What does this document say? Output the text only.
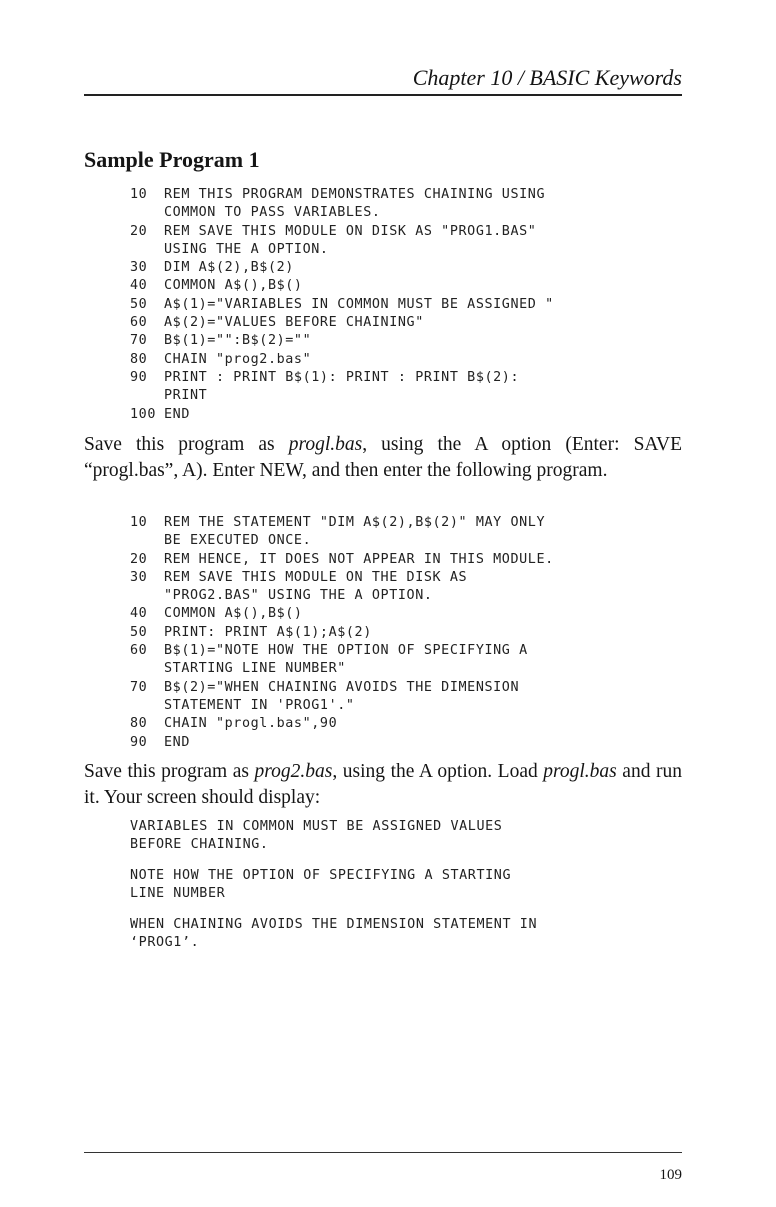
Chapter 10 / BASIC Keywords
Sample Program 1
10 REM THIS PROGRAM DEMONSTRATES CHAINING USING
COMMON TO PASS VARIABLES.
20 REM SAVE THIS MODULE ON DISK AS "PROG1.BAS"
USING THE A OPTION.
30 DIM A$(2),B$(2)
40 COMMON A$(),B$()
50 A$(1)="VARIABLES IN COMMON MUST BE ASSIGNED "
60 A$(2)="VALUES BEFORE CHAINING"
70 B$(1)="":B$(2)=""
80 CHAIN "prog2.bas"
90 PRINT : PRINT B$(1): PRINT : PRINT B$(2):
PRINT
100 END

Save this program as progl.bas, using the A option (Enter: SAVE “progl.bas”, A). Enter NEW, and then enter the following program.

10 REM THE STATEMENT "DIM A$(2),B$(2)" MAY ONLY
BE EXECUTED ONCE.
20 REM HENCE, IT DOES NOT APPEAR IN THIS MODULE.
30 REM SAVE THIS MODULE ON THE DISK AS
"PROG2.BAS" USING THE A OPTION.
40 COMMON A$(),B$()
50 PRINT: PRINT A$(1);A$(2)
60 B$(1)="NOTE HOW THE OPTION OF SPECIFYING A
STARTING LINE NUMBER"
70 B$(2)="WHEN CHAINING AVOIDS THE DIMENSION
STATEMENT IN 'PROG1'."
80 CHAIN "progl.bas",90
90 END

Save this program as prog2.bas, using the A option. Load progl.bas and run it. Your screen should display:

VARIABLES IN COMMON MUST BE ASSIGNED VALUES
BEFORE CHAINING.
NOTE HOW THE OPTION OF SPECIFYING A STARTING
LINE NUMBER
WHEN CHAINING AVOIDS THE DIMENSION STATEMENT IN
‘PROG1’.
109
